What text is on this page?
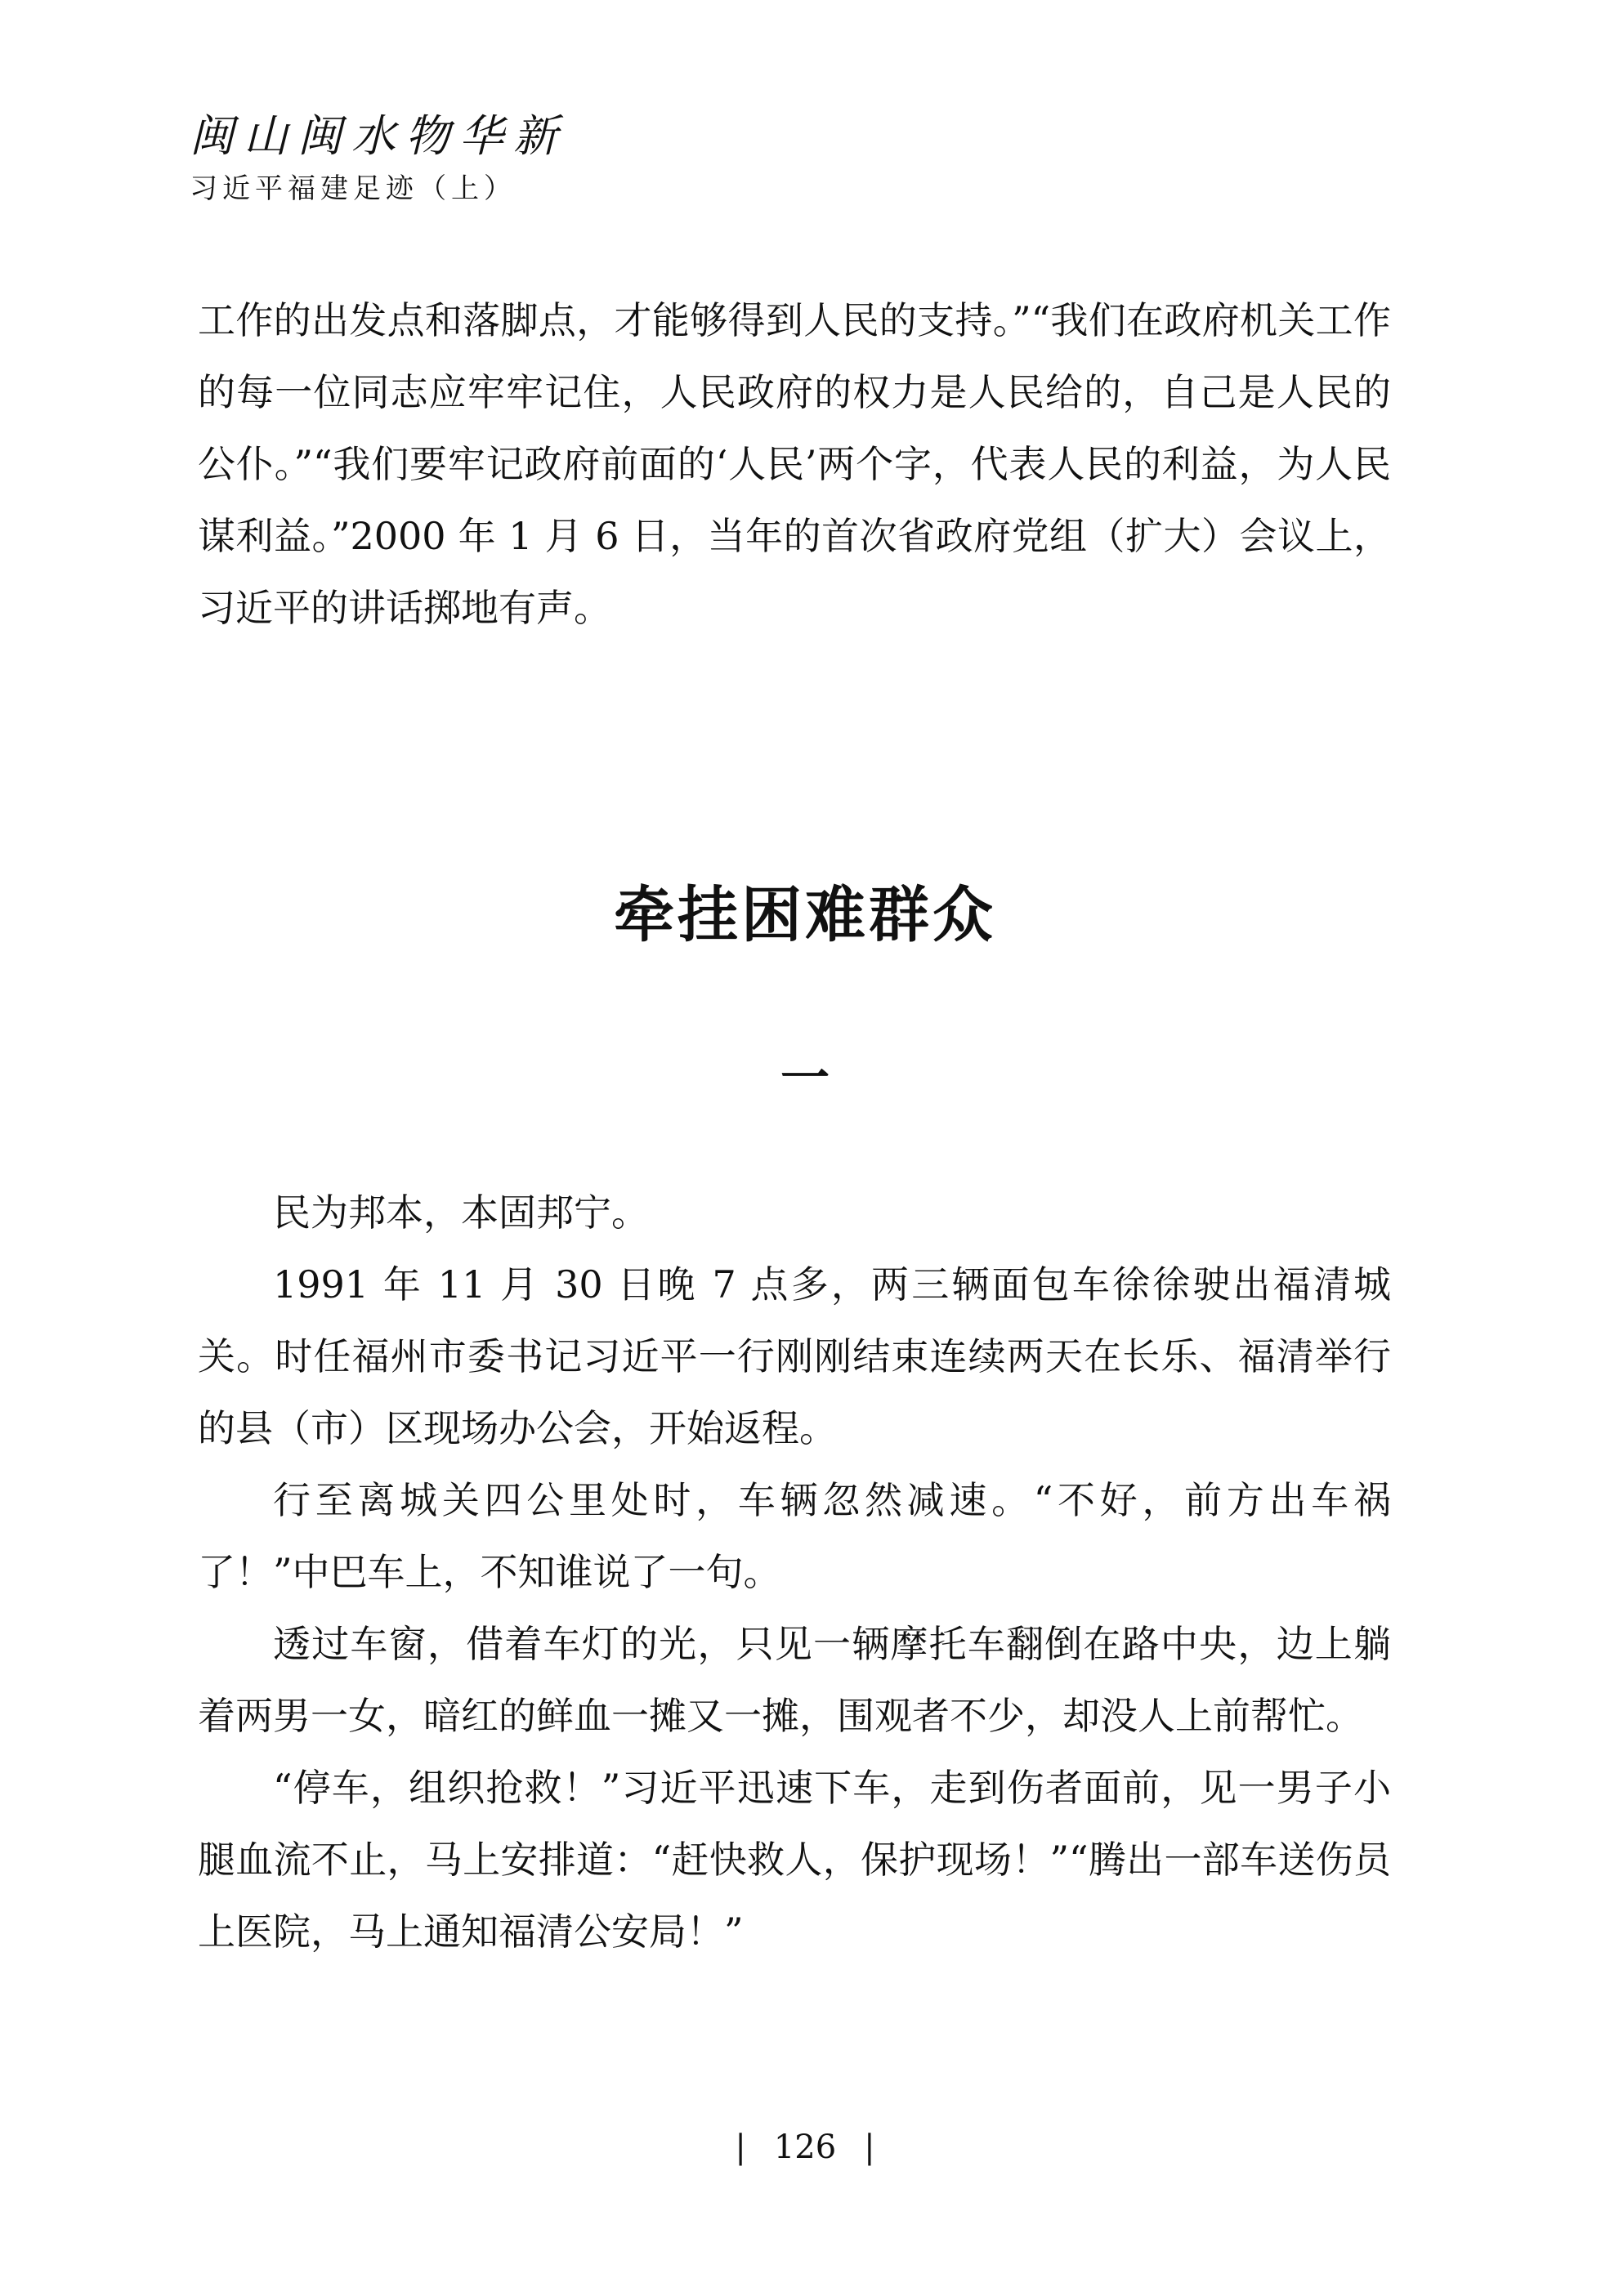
闽山闽水物华新
习近平福建足迹（上）

工作的出发点和落脚点，才能够得到人民的支持。”“我们在政府机关工作的每一位同志应牢牢记住，人民政府的权力是人民给的，自己是人民的公仆。”“我们要牢记政府前面的‘人民’两个字，代表人民的利益，为人民谋利益。”2000 年 1 月 6 日，当年的首次省政府党组（扩大）会议上，习近平的讲话掷地有声。

牵挂困难群众
一

民为邦本，本固邦宁。

1991 年 11 月 30 日晚 7 点多，两三辆面包车徐徐驶出福清城关。时任福州市委书记习近平一行刚刚结束连续两天在长乐、福清举行的县（市）区现场办公会，开始返程。

行至离城关四公里处时，车辆忽然减速。“不好，前方出车祸了！”中巴车上，不知谁说了一句。

透过车窗，借着车灯的光，只见一辆摩托车翻倒在路中央，边上躺着两男一女，暗红的鲜血一摊又一摊，围观者不少，却没人上前帮忙。

“停车，组织抢救！”习近平迅速下车，走到伤者面前，见一男子小腿血流不止，马上安排道：“赶快救人，保护现场！”“腾出一部车送伤员上医院，马上通知福清公安局！”

| 126 |
